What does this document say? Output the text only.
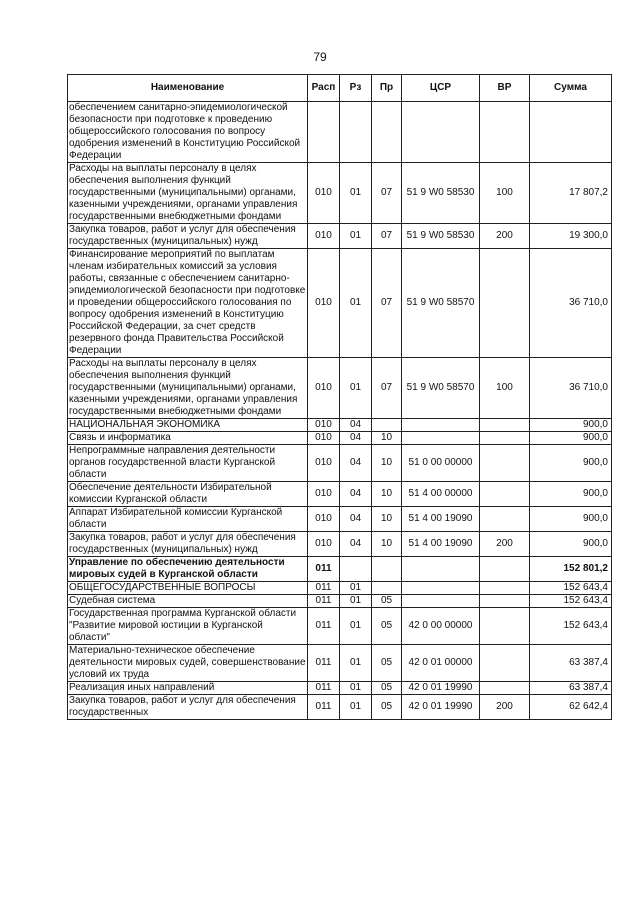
79
Наименование	Расп	Рз	Пр	ЦСР	ВР	Сумма
обеспечением санитарно-эпидемиологической безопасности при подготовке к проведению общероссийского голосования по вопросу одобрения изменений в Конституцию Российской Федерации						
Расходы на выплаты персоналу в целях обеспечения выполнения функций государственными (муниципальными) органами, казенными учреждениями, органами управления государственными внебюджетными фондами	010	01	07	51 9 W0 58530	100	17 807,2
Закупка товаров, работ и услуг для обеспечения государственных (муниципальных) нужд	010	01	07	51 9 W0 58530	200	19 300,0
Финансирование мероприятий по выплатам членам избирательных комиссий за условия работы, связанные с обеспечением санитарно-эпидемиологической безопасности при подготовке и проведении общероссийского голосования по вопросу одобрения изменений в Конституцию Российской Федерации, за счет средств резервного фонда Правительства Российской Федерации	010	01	07	51 9 W0 58570		36 710,0
Расходы на выплаты персоналу в целях обеспечения выполнения функций государственными (муниципальными) органами, казенными учреждениями, органами управления государственными внебюджетными фондами	010	01	07	51 9 W0 58570	100	36 710,0
НАЦИОНАЛЬНАЯ ЭКОНОМИКА	010	04				900,0
Связь и информатика	010	04	10			900,0
Непрограммные направления деятельности органов государственной власти Курганской области	010	04	10	51 0 00 00000		900,0
Обеспечение деятельности Избирательной комиссии Курганской области	010	04	10	51 4 00 00000		900,0
Аппарат Избирательной комиссии Курганской области	010	04	10	51 4 00 19090		900,0
Закупка товаров, работ и услуг для обеспечения государственных (муниципальных) нужд	010	04	10	51 4 00 19090	200	900,0
Управление по обеспечению деятельности мировых судей в Курганской области	011					152 801,2
ОБЩЕГОСУДАРСТВЕННЫЕ ВОПРОСЫ	011	01				152 643,4
Судебная система	011	01	05			152 643,4
Государственная программа Курганской области "Развитие мировой юстиции в Курганской области"	011	01	05	42 0 00 00000		152 643,4
Материально-техническое обеспечение деятельности мировых судей, совершенствование условий их труда	011	01	05	42 0 01 00000		63 387,4
Реализация иных направлений	011	01	05	42 0 01 19990		63 387,4
Закупка товаров, работ и услуг для обеспечения государственных	011	01	05	42 0 01 19990	200	62 642,4
